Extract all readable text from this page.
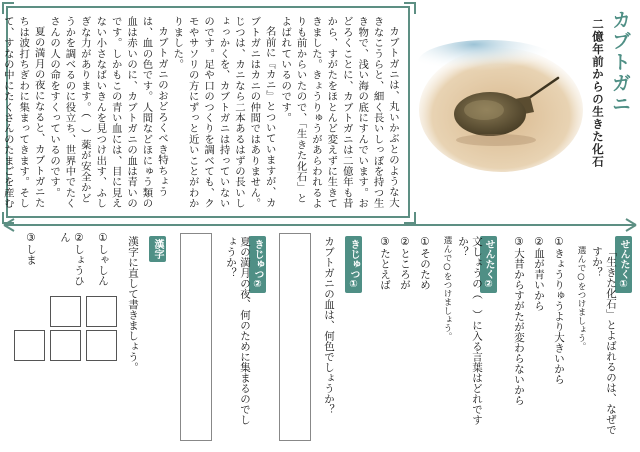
カブトガニは、丸いかぶとのような大きなこうらと、細く長いしっぽを持つ生き物で、浅い海の底にすんでいます。おどろくことに、カブトガニは二億年も昔から、すがたをほとんど変えずに生きてきました。きょうりゅうがあらわれるよりも前からいたので、「生きた化石」とよばれているのです。

名前に『カニ』とついていますが、カブトガニはカニの仲間ではありません。じつは、カニなら二本あるはずの長いしょっかくを、カブトガニは持っていないのです。足や口のつくりを調べても、クモやサソリの方にずっと近いことがわかりました。

カブトガニのおどろくべき特ちょうは、血の色です。人間などほにゅう類の血は赤いのに、カブトガニの血は青いのです。しかもこの青い血には、目に見えない小さなばいきんを見つけ出す、ふしぎな力があります。（　）薬が安全かどうかを調べるのに役立ち、世界中でたくさんの人の命をすくっているのです。

夏の満月の夜になると、カブトガニたちは波打ちぎわに集まってきます。そして、すなの中にたくさんのたまごを産む

カブトガニ
二億年前からの生きた化石
せんたく①
「生きた化石」とよばれるのは、なぜですか？
選んで○をつけましょう。
①きょうりゅうより大きいから
②血が青いから
③大昔からすがたが変わらないから
せんたく②
文しょうの（　）に入る言葉はどれですか？
選んで○をつけましょう。
①そのため
②ところが
③たとえば
きじゅつ①
カブトガニの血は、何色でしょうか？
きじゅつ②
夏の満月の夜、何のために集まるのでしょうか？
漢字
漢字に直して書きましょう。
①しゃしん
②しょうひん
③しま
